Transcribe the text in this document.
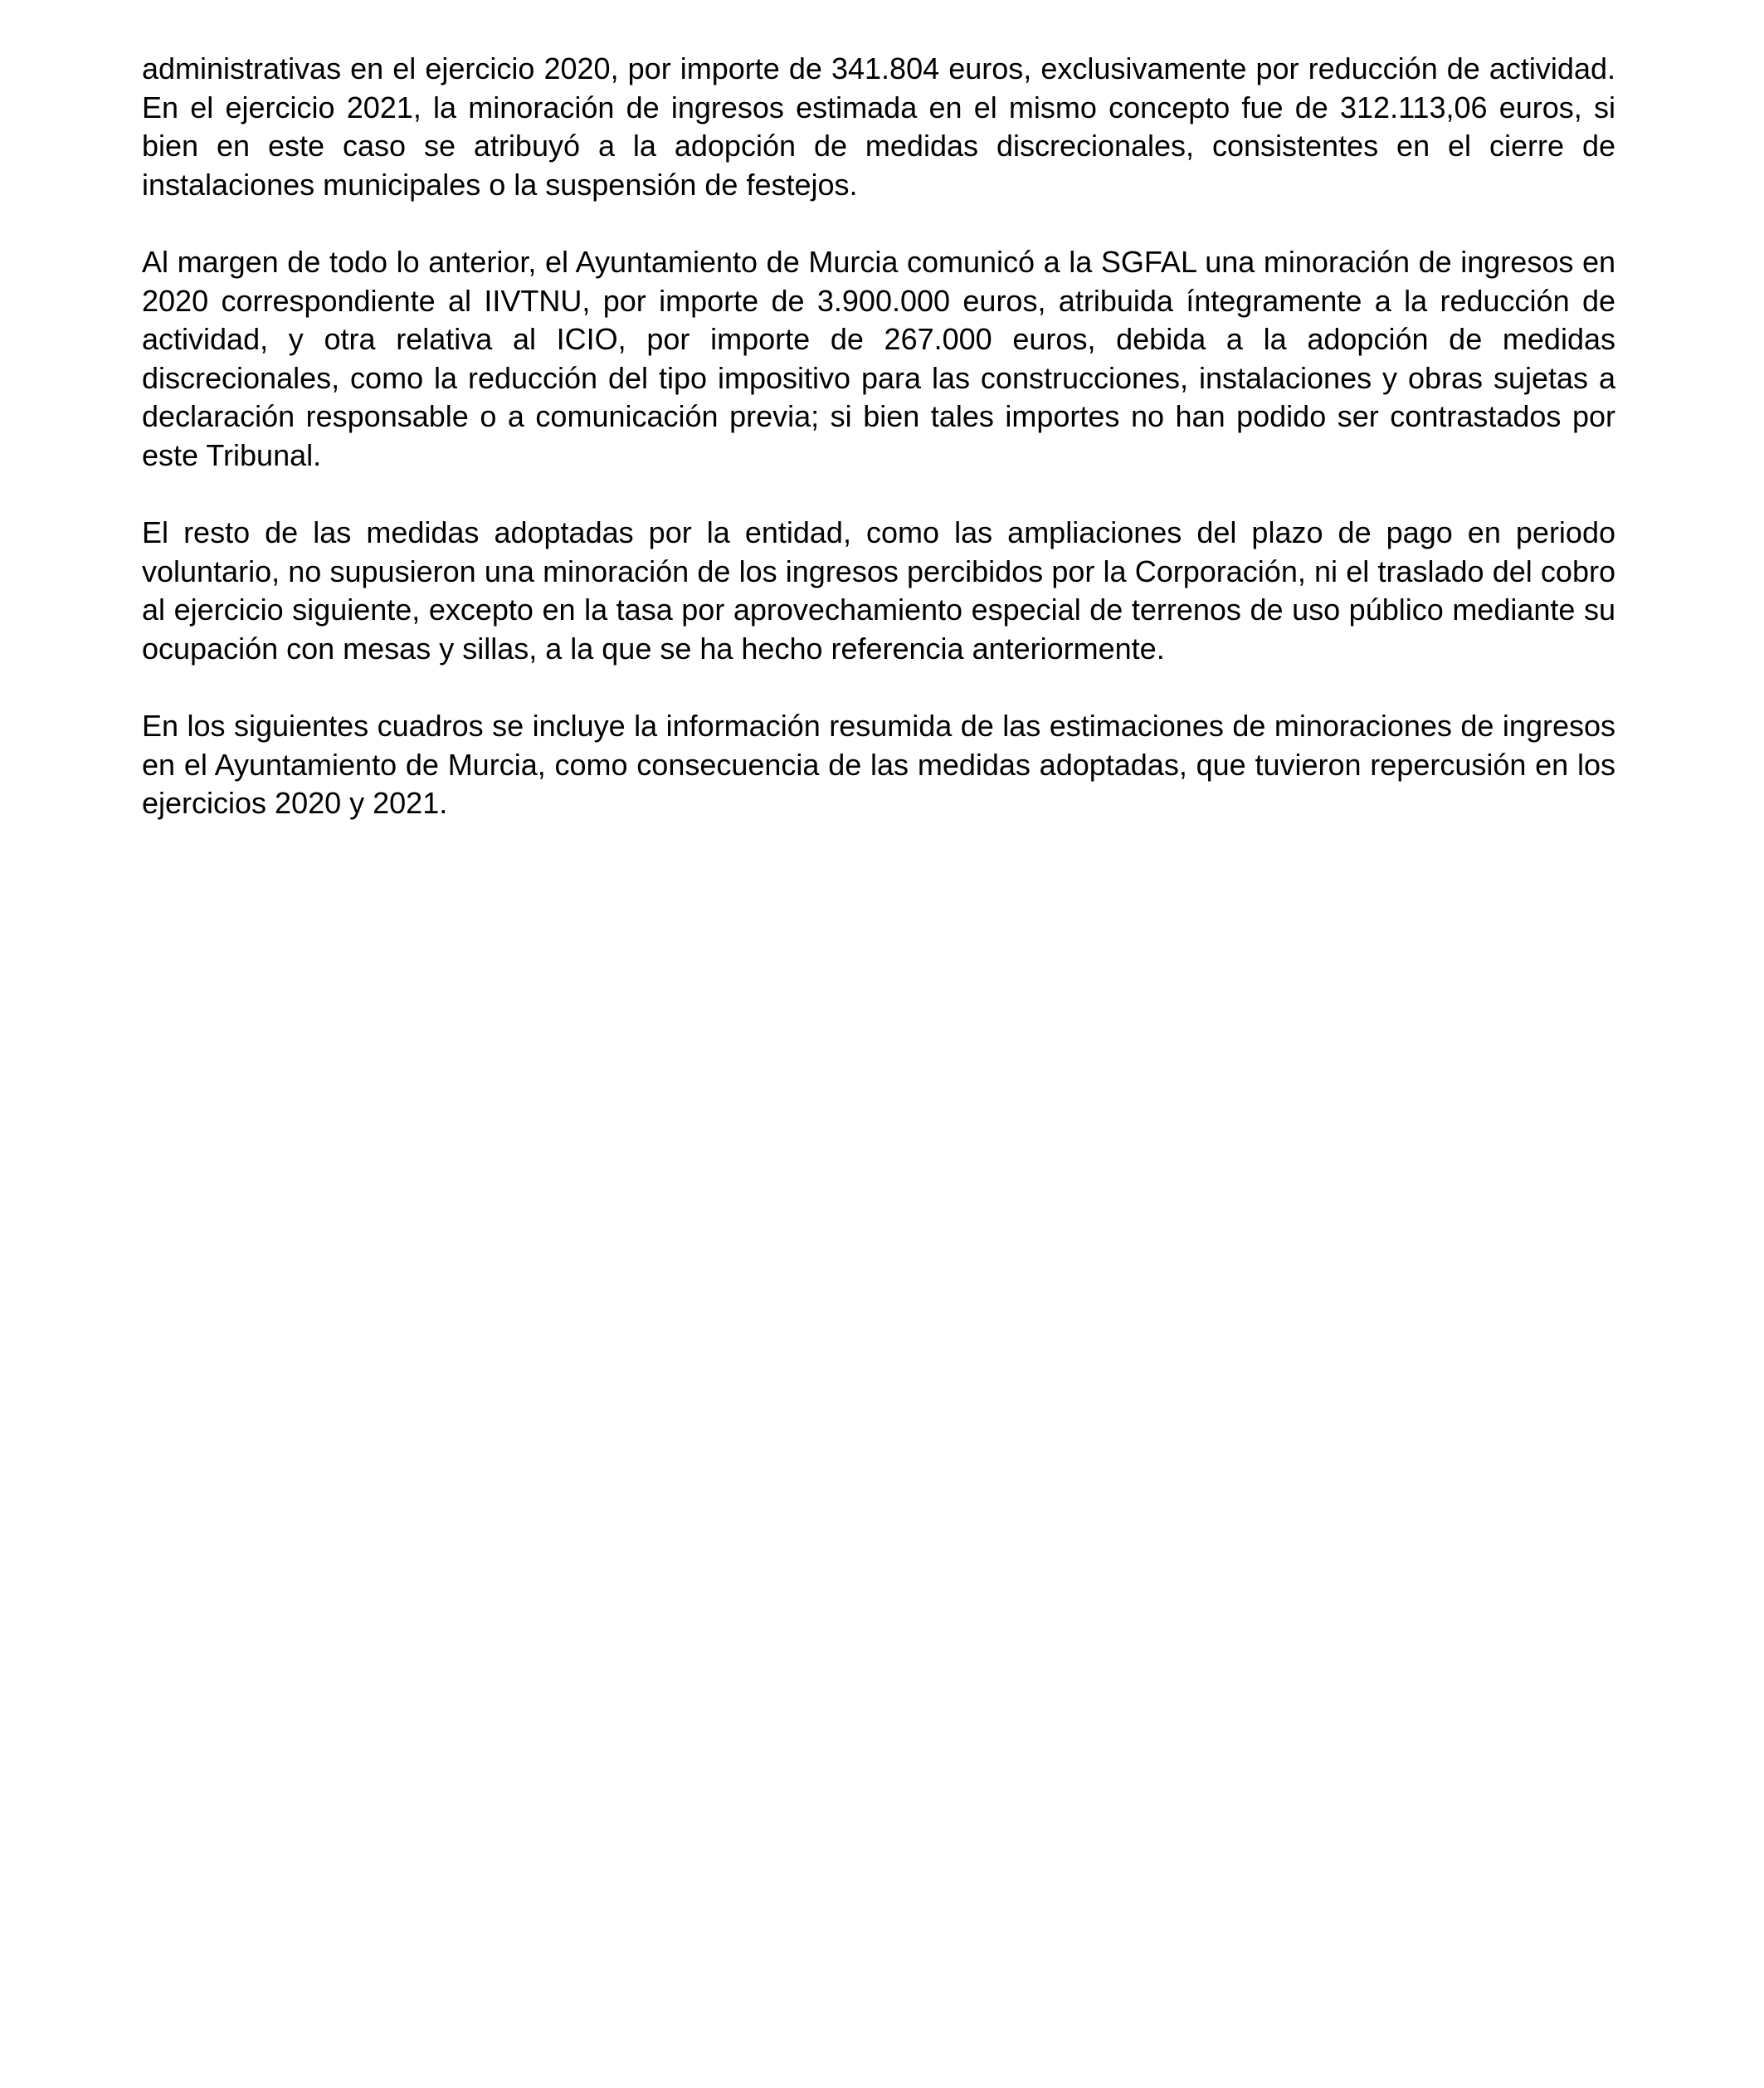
administrativas en el ejercicio 2020, por importe de 341.804 euros, exclusivamente por reducción de actividad. En el ejercicio 2021, la minoración de ingresos estimada en el mismo concepto fue de 312.113,06 euros, si bien en este caso se atribuyó a la adopción de medidas discrecionales, consistentes en el cierre de instalaciones municipales o la suspensión de festejos.

Al margen de todo lo anterior, el Ayuntamiento de Murcia comunicó a la SGFAL una minoración de ingresos en 2020 correspondiente al IIVTNU, por importe de 3.900.000 euros, atribuida íntegramente a la reducción de actividad, y otra relativa al ICIO, por importe de 267.000 euros, debida a la adopción de medidas discrecionales, como la reducción del tipo impositivo para las construcciones, instalaciones y obras sujetas a declaración responsable o a comunicación previa; si bien tales importes no han podido ser contrastados por este Tribunal.

El resto de las medidas adoptadas por la entidad, como las ampliaciones del plazo de pago en periodo voluntario, no supusieron una minoración de los ingresos percibidos por la Corporación, ni el traslado del cobro al ejercicio siguiente, excepto en la tasa por aprovechamiento especial de terrenos de uso público mediante su ocupación con mesas y sillas, a la que se ha hecho referencia anteriormente.

En los siguientes cuadros se incluye la información resumida de las estimaciones de minoraciones de ingresos en el Ayuntamiento de Murcia, como consecuencia de las medidas adoptadas, que tuvieron repercusión en los ejercicios 2020 y 2021.
